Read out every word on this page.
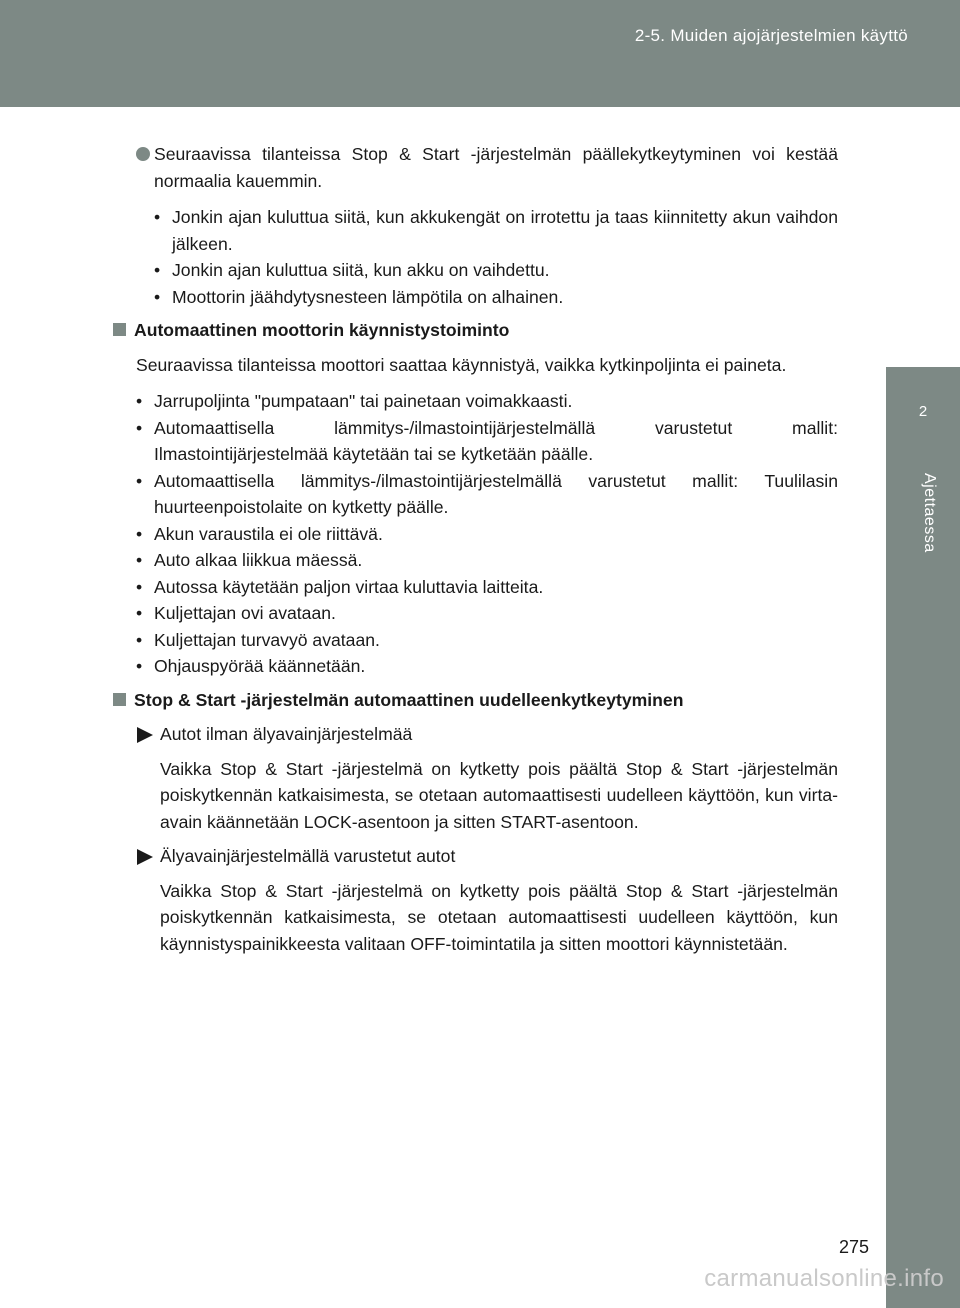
2-5. Muiden ajojärjestelmien käyttö
2
Ajettaessa
Seuraavissa tilanteissa Stop & Start -järjestelmän päällekytkeytyminen voi kestää normaalia kauemmin.
• Jonkin ajan kuluttua siitä, kun akkukengät on irrotettu ja taas kiinnitetty akun vaihdon jälkeen.
• Jonkin ajan kuluttua siitä, kun akku on vaihdettu.
• Moottorin jäähdytysnesteen lämpötila on alhainen.
Automaattinen moottorin käynnistystoiminto
Seuraavissa tilanteissa moottori saattaa käynnistyä, vaikka kytkinpoljinta ei paineta.
• Jarrupoljinta "pumpataan" tai painetaan voimakkaasti.
• Automaattisella lämmitys-/ilmastointijärjestelmällä varustetut mallit: Ilmastointijärjestelmää käytetään tai se kytketään päälle.
• Automaattisella lämmitys-/ilmastointijärjestelmällä varustetut mallit: Tuulilasin huurteenpoistolaite on kytketty päälle.
• Akun varaustila ei ole riittävä.
• Auto alkaa liikkua mäessä.
• Autossa käytetään paljon virtaa kuluttavia laitteita.
• Kuljettajan ovi avataan.
• Kuljettajan turvavyö avataan.
• Ohjauspyörää käännetään.
Stop & Start -järjestelmän automaattinen uudelleenkytkeytyminen
Autot ilman älyavainjärjestelmää
Vaikka Stop & Start -järjestelmä on kytketty pois päältä Stop & Start -järjestelmän poiskytkennän katkaisimesta, se otetaan automaattisesti uudelleen käyttöön, kun virta-avain käännetään LOCK-asentoon ja sitten START-asentoon.
Älyavainjärjestelmällä varustetut autot
Vaikka Stop & Start -järjestelmä on kytketty pois päältä Stop & Start -järjestelmän poiskytkennän katkaisimesta, se otetaan automaattisesti uudelleen käyttöön, kun käynnistyspainikkeesta valitaan OFF-toimintatila ja sitten moottori käynnistetään.
275
carmanualsonline.info
